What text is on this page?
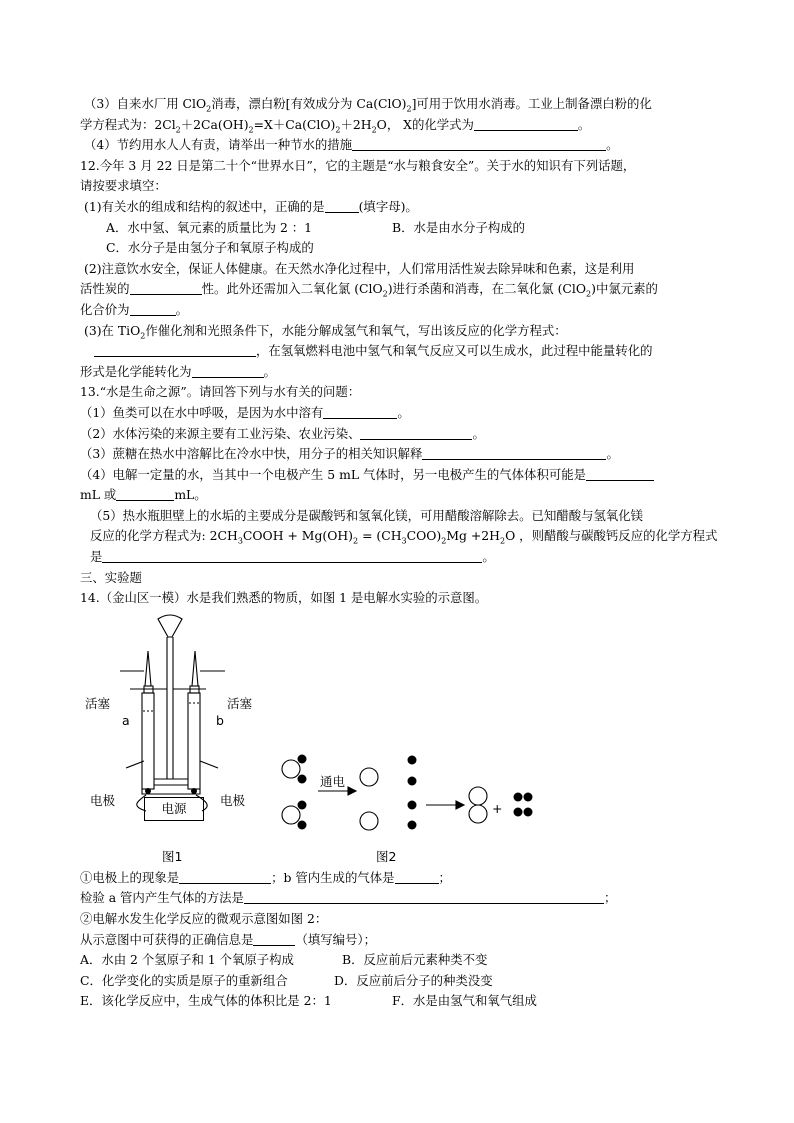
（3）自来水厂用 ClO$_2$消毒，漂白粉[有效成分为 $Ca(ClO)_2$]可用于饮用水消毒。工业上制备漂白粉的化
学方程式为：$2Cl_2+2Ca(OH)_2=X+Ca(ClO)_2+2H_2O$， X的化学式为	。
（4）节约用水人人有责，请举出一种节水的措施	。
12.今年 3 月 22 日是第二十个“世界水日”，它的主题是“水与粮食安全”。关于水的知识有下列话题，
请按要求填空：
(1)有关水的组成和结构的叙述中，正确的是	(填字母)。
A．水中氢、氧元素的质量比为 2 ：1	B．水是由水分子构成的
C．水分子是由氢分子和氧原子构成的
(2)注意饮水安全，保证人体健康。在天然水净化过程中，人们常用活性炭去除异味和色素，这是利用
活性炭的	性。此外还需加入二氧化氯 (ClO$_2$)进行杀菌和消毒，在二氧化氯 (ClO$_2$)中氯元素的
化合价为	。
(3)在 TiO$_2$作催化剂和光照条件下，水能分解成氢气和氧气，写出该反应的化学方程式：
，在氢氧燃料电池中氢气和氧气反应又可以生成水，此过程中能量转化的
形式是化学能转化为	。
13.“水是生命之源”。请回答下列与水有关的问题：
（1）鱼类可以在水中呼吸，是因为水中溶有	。
（2）水体污染的来源主要有工业污染、农业污染、	。
（3）蔗糖在热水中溶解比在冷水中快，用分子的相关知识解释	。
（4）电解一定量的水，当其中一个电极产生 5 mL 气体时，另一电极产生的气体体积可能是
mL 或	mL。
（5）热水瓶胆壁上的水垢的主要成分是碳酸钙和氢氧化镁，可用醋酸溶解除去。已知醋酸与氢氧化镁
反应的化学方程式为: $2CH_3COOH + Mg(OH)_2 = (CH_3COO)_2Mg +2H_2O$ ，则醋酸与碳酸钙反应的化学方程式
是	。
三、实验题
14.（金山区一模）水是我们熟悉的物质，如图 1 是电解水实验的示意图。
活塞	活塞
a	b
电极	电极
电源
图1
通电
+
图2
①电极上的现象是	；b 管内生成的气体是	；
检验 a 管内产生气体的方法是	；
②电解水发生化学反应的微观示意图如图 2：
从示意图中可获得的正确信息是	（填写编号）；
A．水由 2 个氢原子和 1 个氧原子构成	B．反应前后元素种类不变
C．化学变化的实质是原子的重新组合	D．反应前后分子的种类没变
E．该化学反应中，生成气体的体积比是 2：1	F．水是由氢气和氧气组成
